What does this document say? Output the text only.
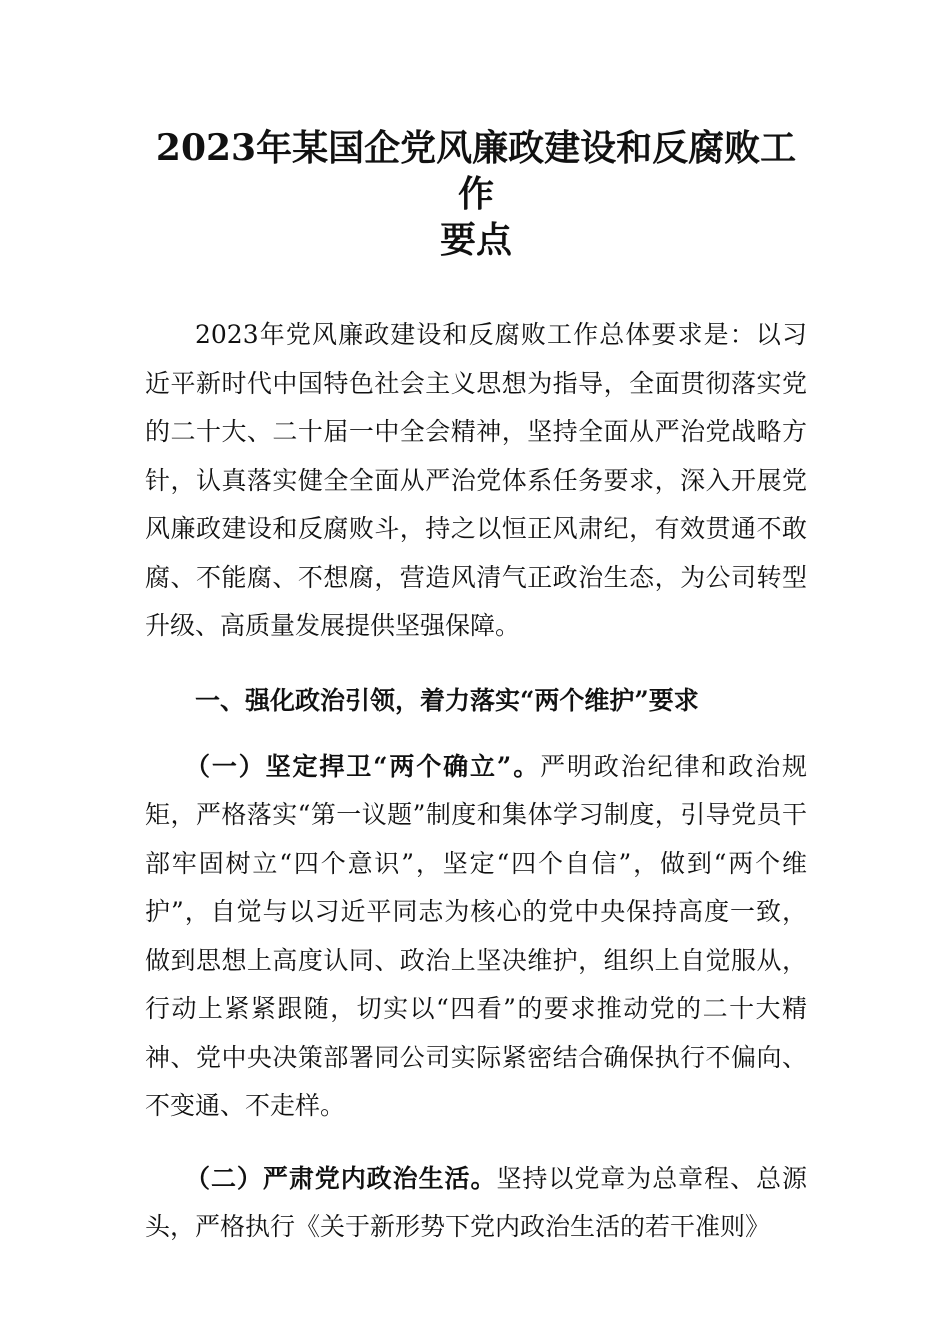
2023年某国企党风廉政建设和反腐败工作
要点

2023年党风廉政建设和反腐败工作总体要求是：以习近平新时代中国特色社会主义思想为指导，全面贯彻落实党的二十大、二十届一中全会精神，坚持全面从严治党战略方针，认真落实健全全面从严治党体系任务要求，深入开展党风廉政建设和反腐败斗，持之以恒正风肃纪，有效贯通不敢腐、不能腐、不想腐，营造风清气正政治生态，为公司转型升级、高质量发展提供坚强保障。

一、强化政治引领，着力落实“两个维护”要求

（一）坚定捍卫“两个确立”。严明政治纪律和政治规矩，严格落实“第一议题”制度和集体学习制度，引导党员干部牢固树立“四个意识”，坚定“四个自信”，做到“两个维护”，自觉与以习近平同志为核心的党中央保持高度一致，做到思想上高度认同、政治上坚决维护，组织上自觉服从，行动上紧紧跟随，切实以“四看”的要求推动党的二十大精神、党中央决策部署同公司实际紧密结合确保执行不偏向、不变通、不走样。

（二）严肃党内政治生活。坚持以党章为总章程、总源头，严格执行《关于新形势下党内政治生活的若干准则》
